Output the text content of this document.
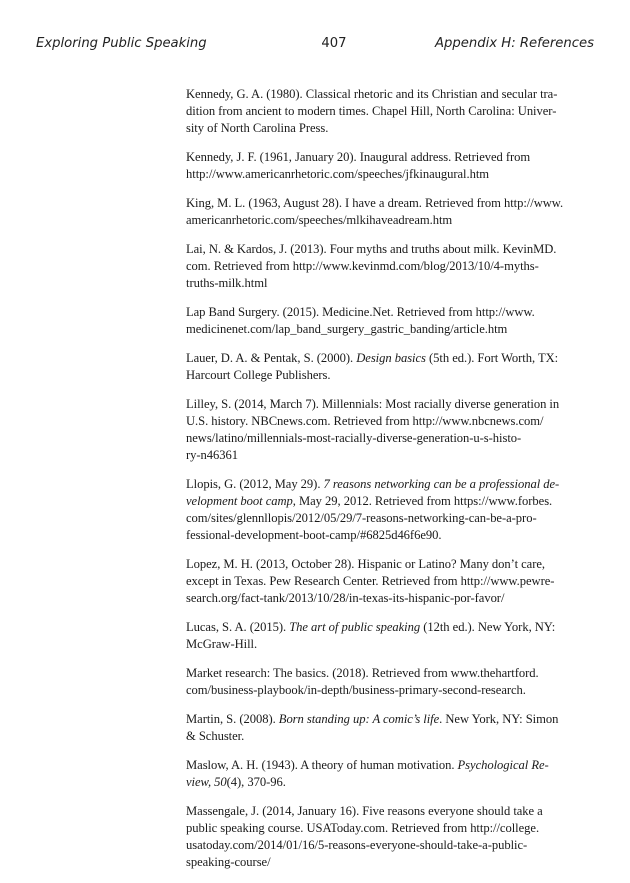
Exploring Public Speaking	407	Appendix H: References
Kennedy, G. A. (1980). Classical rhetoric and its Christian and secular tra-
dition from ancient to modern times. Chapel Hill, North Carolina: Univer-
sity of North Carolina Press.
Kennedy, J. F. (1961, January 20). Inaugural address. Retrieved from
http://www.americanrhetoric.com/speeches/jfkinaugural.htm
King, M. L. (1963, August 28). I have a dream. Retrieved from http://www.
americanrhetoric.com/speeches/mlkihaveadream.htm
Lai, N. & Kardos, J. (2013). Four myths and truths about milk. KevinMD.
com. Retrieved from http://www.kevinmd.com/blog/2013/10/4-myths-
truths-milk.html
Lap Band Surgery. (2015). Medicine.Net. Retrieved from http://www.
medicinenet.com/lap_band_surgery_gastric_banding/article.htm
Lauer, D. A. & Pentak, S. (2000). Design basics (5th ed.). Fort Worth, TX:
Harcourt College Publishers.
Lilley, S. (2014, March 7). Millennials: Most racially diverse generation in
U.S. history. NBCnews.com. Retrieved from http://www.nbcnews.com/
news/latino/millennials-most-racially-diverse-generation-u-s-histo-
ry-n46361
Llopis, G. (2012, May 29). 7 reasons networking can be a professional de-
velopment boot camp, May 29, 2012. Retrieved from https://www.forbes.
com/sites/glennllopis/2012/05/29/7-reasons-networking-can-be-a-pro-
fessional-development-boot-camp/#6825d46f6e90.
Lopez, M. H. (2013, October 28). Hispanic or Latino? Many don’t care,
except in Texas. Pew Research Center. Retrieved from http://www.pewre-
search.org/fact-tank/2013/10/28/in-texas-its-hispanic-por-favor/
Lucas, S. A. (2015). The art of public speaking (12th ed.). New York, NY:
McGraw-Hill.
Market research: The basics. (2018). Retrieved from www.thehartford.
com/business-playbook/in-depth/business-primary-second-research.
Martin, S. (2008). Born standing up: A comic’s life. New York, NY: Simon
& Schuster.
Maslow, A. H. (1943). A theory of human motivation. Psychological Re-
view, 50(4), 370-96.
Massengale, J. (2014, January 16). Five reasons everyone should take a
public speaking course. USAToday.com. Retrieved from http://college.
usatoday.com/2014/01/16/5-reasons-everyone-should-take-a-public-
speaking-course/
